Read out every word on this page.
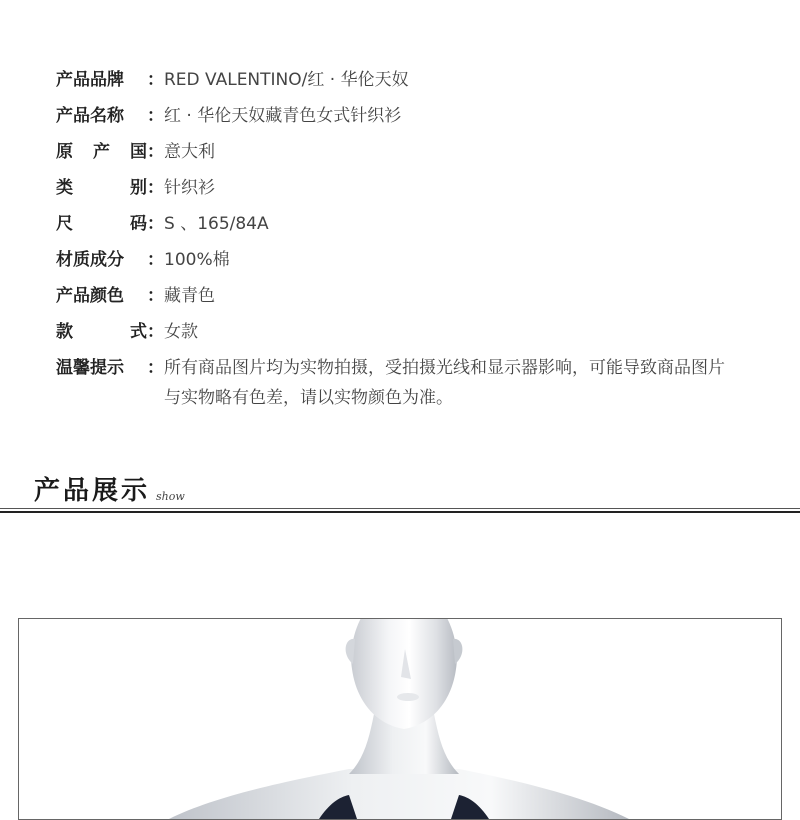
产品品牌	： RED VALENTINO/红 · 华伦天奴
产品名称	： 红 · 华伦天奴藏青色女式针织衫
原 产 国 ： 意大利
类	别 ： 针织衫
尺	码 ： S 、165/84A
材质成分	： 100%棉
产品颜色	： 藏青色
款	式 ： 女款
温馨提示	： 所有商品图片均为实物拍摄，受拍摄光线和显示器影响，可能导致商品图片与实物略有色差，请以实物颜色为准。
产品展示 show
